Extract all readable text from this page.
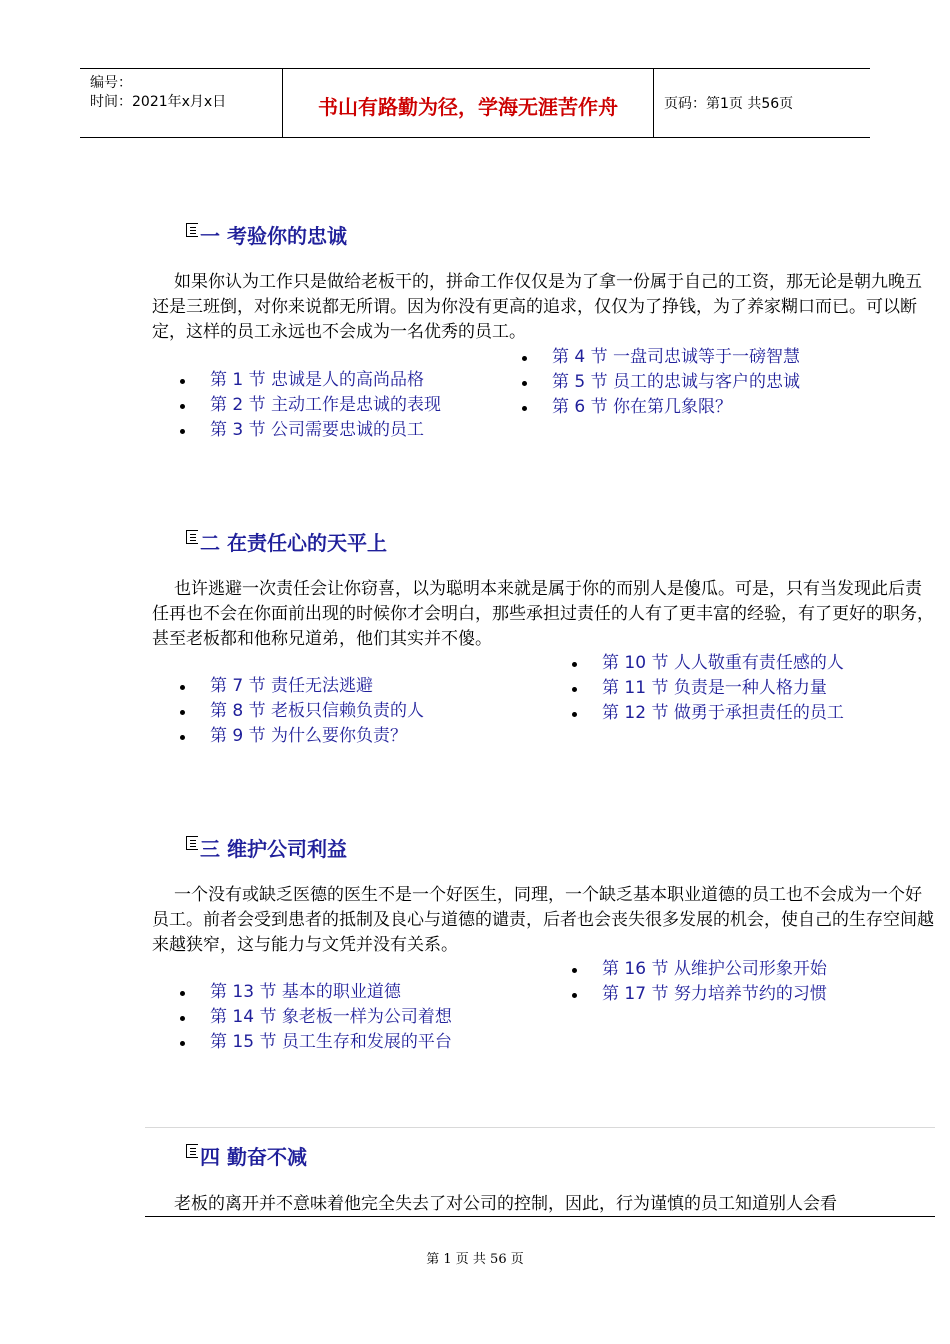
编号：
时间：2021年x月x日	书山有路勤为径，学海无涯苦作舟	页码：第1页 共56页
一 考验你的忠诚

如果你认为工作只是做给老板干的，拼命工作仅仅是为了拿一份属于自己的工资，那无论是朝九晚五还是三班倒，对你来说都无所谓。因为你没有更高的追求，仅仅为了挣钱，为了养家糊口而已。可以断定，这样的员工永远也不会成为一名优秀的员工。

第 1 节 忠诚是人的高尚品格
第 2 节 主动工作是忠诚的表现
第 3 节 公司需要忠诚的员工
第 4 节 一盘司忠诚等于一磅智慧
第 5 节 员工的忠诚与客户的忠诚
第 6 节 你在第几象限？
二 在责任心的天平上

也许逃避一次责任会让你窃喜，以为聪明本来就是属于你的而别人是傻瓜。可是，只有当发现此后责任再也不会在你面前出现的时候你才会明白，那些承担过责任的人有了更丰富的经验，有了更好的职务，甚至老板都和他称兄道弟，他们其实并不傻。

第 7 节 责任无法逃避
第 8 节 老板只信赖负责的人
第 9 节 为什么要你负责？
第 10 节 人人敬重有责任感的人
第 11 节 负责是一种人格力量
第 12 节 做勇于承担责任的员工
三 维护公司利益

一个没有或缺乏医德的医生不是一个好医生，同理，一个缺乏基本职业道德的员工也不会成为一个好员工。前者会受到患者的抵制及良心与道德的谴责，后者也会丧失很多发展的机会，使自己的生存空间越来越狭窄，这与能力与文凭并没有关系。

第 13 节 基本的职业道德
第 14 节 象老板一样为公司着想
第 15 节 员工生存和发展的平台
第 16 节 从维护公司形象开始
第 17 节 努力培养节约的习惯
四 勤奋不减

老板的离开并不意味着他完全失去了对公司的控制，因此，行为谨慎的员工知道别人会看

第 1 页 共 56 页
